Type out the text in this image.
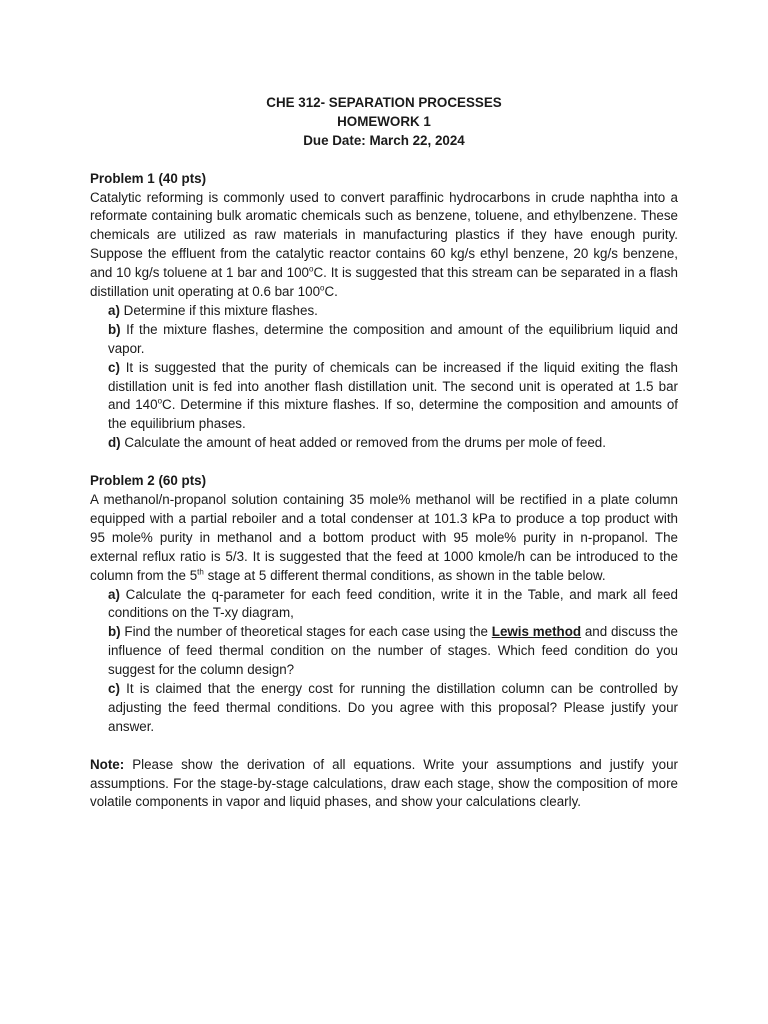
CHE 312- SEPARATION PROCESSES
HOMEWORK 1
Due Date: March 22, 2024
Problem 1 (40 pts)
Catalytic reforming is commonly used to convert paraffinic hydrocarbons in crude naphtha into a reformate containing bulk aromatic chemicals such as benzene, toluene, and ethylbenzene. These chemicals are utilized as raw materials in manufacturing plastics if they have enough purity. Suppose the effluent from the catalytic reactor contains 60 kg/s ethyl benzene, 20 kg/s benzene, and 10 kg/s toluene at 1 bar and 100$^o$C. It is suggested that this stream can be separated in a flash distillation unit operating at 0.6 bar 100$^o$C.
a) Determine if this mixture flashes.
b) If the mixture flashes, determine the composition and amount of the equilibrium liquid and vapor.
c) It is suggested that the purity of chemicals can be increased if the liquid exiting the flash distillation unit is fed into another flash distillation unit. The second unit is operated at 1.5 bar and 140$^o$C. Determine if this mixture flashes. If so, determine the composition and amounts of the equilibrium phases.
d) Calculate the amount of heat added or removed from the drums per mole of feed.
Problem 2 (60 pts)
A methanol/n-propanol solution containing 35 mole% methanol will be rectified in a plate column equipped with a partial reboiler and a total condenser at 101.3 kPa to produce a top product with 95 mole% purity in methanol and a bottom product with 95 mole% purity in n-propanol. The external reflux ratio is 5/3. It is suggested that the feed at 1000 kmole/h can be introduced to the column from the 5th stage at 5 different thermal conditions, as shown in the table below.
a) Calculate the q-parameter for each feed condition, write it in the Table, and mark all feed conditions on the T-xy diagram,
b) Find the number of theoretical stages for each case using the Lewis method and discuss the influence of feed thermal condition on the number of stages. Which feed condition do you suggest for the column design?
c) It is claimed that the energy cost for running the distillation column can be controlled by adjusting the feed thermal conditions. Do you agree with this proposal? Please justify your answer.
Note: Please show the derivation of all equations. Write your assumptions and justify your assumptions. For the stage-by-stage calculations, draw each stage, show the composition of more volatile components in vapor and liquid phases, and show your calculations clearly.
